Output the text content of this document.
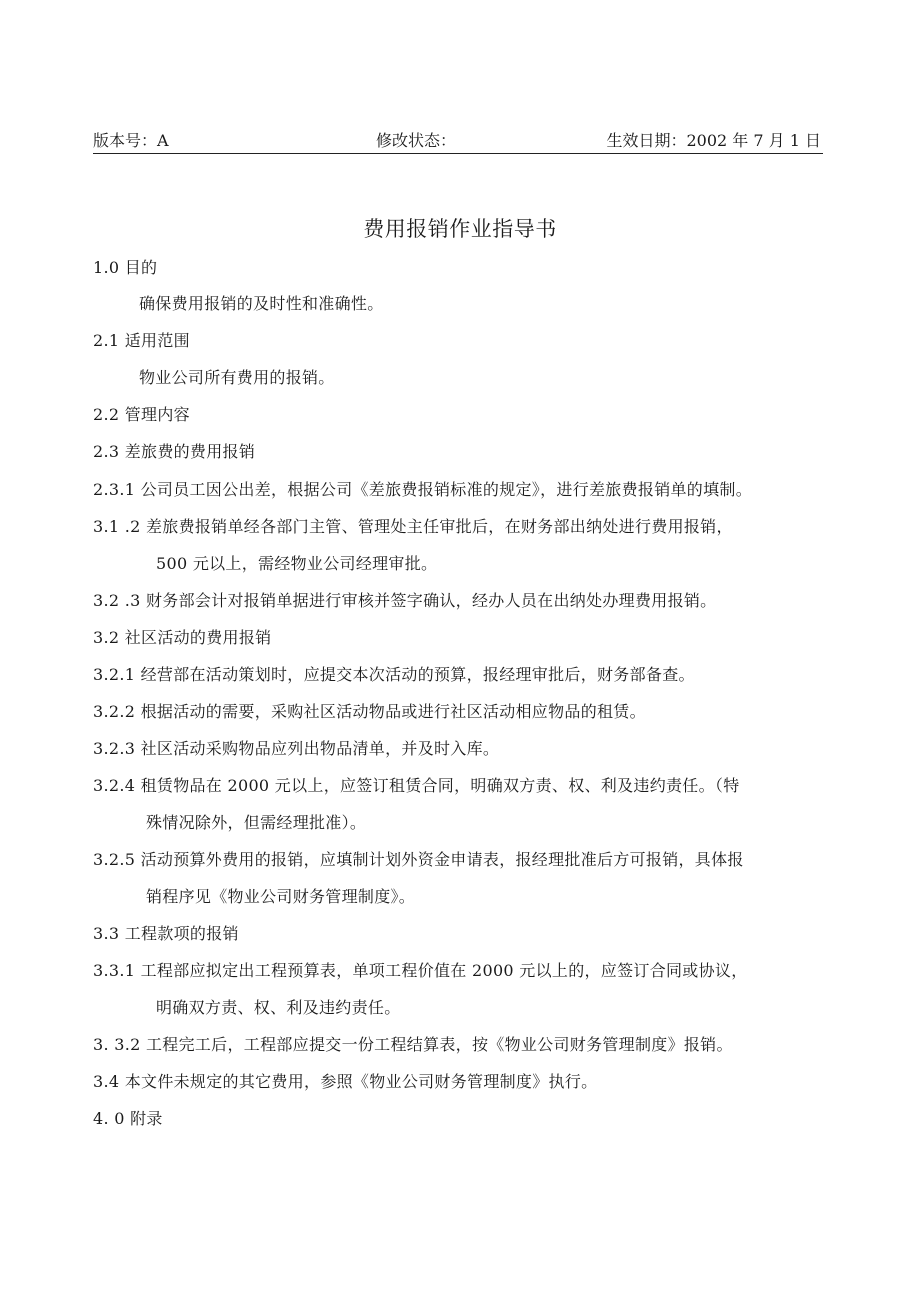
版本号：A	修改状态：	生效日期：2002 年 7 月 1 日
费用报销作业指导书
1.0 目的
确保费用报销的及时性和准确性。
2.1 适用范围
物业公司所有费用的报销。
2.2 管理内容
2.3 差旅费的费用报销
2.3.1 公司员工因公出差，根据公司《差旅费报销标准的规定》，进行差旅费报销单的填制。
3.1 .2 差旅费报销单经各部门主管、管理处主任审批后，在财务部出纳处进行费用报销，
500 元以上，需经物业公司经理审批。
3.2 .3 财务部会计对报销单据进行审核并签字确认，经办人员在出纳处办理费用报销。
3.2 社区活动的费用报销
3.2.1 经营部在活动策划时，应提交本次活动的预算，报经理审批后，财务部备查。
3.2.2 根据活动的需要，采购社区活动物品或进行社区活动相应物品的租赁。
3.2.3 社区活动采购物品应列出物品清单，并及时入库。
3.2.4 租赁物品在 2000 元以上，应签订租赁合同，明确双方责、权、利及违约责任。（特
殊情况除外，但需经理批准）。
3.2.5 活动预算外费用的报销，应填制计划外资金申请表，报经理批准后方可报销，具体报
销程序见《物业公司财务管理制度》。
3.3 工程款项的报销
3.3.1 工程部应拟定出工程预算表，单项工程价值在 2000 元以上的，应签订合同或协议，
明确双方责、权、利及违约责任。
3. 3.2 工程完工后，工程部应提交一份工程结算表，按《物业公司财务管理制度》报销。
3.4 本文件未规定的其它费用，参照《物业公司财务管理制度》执行。
4. 0 附录
